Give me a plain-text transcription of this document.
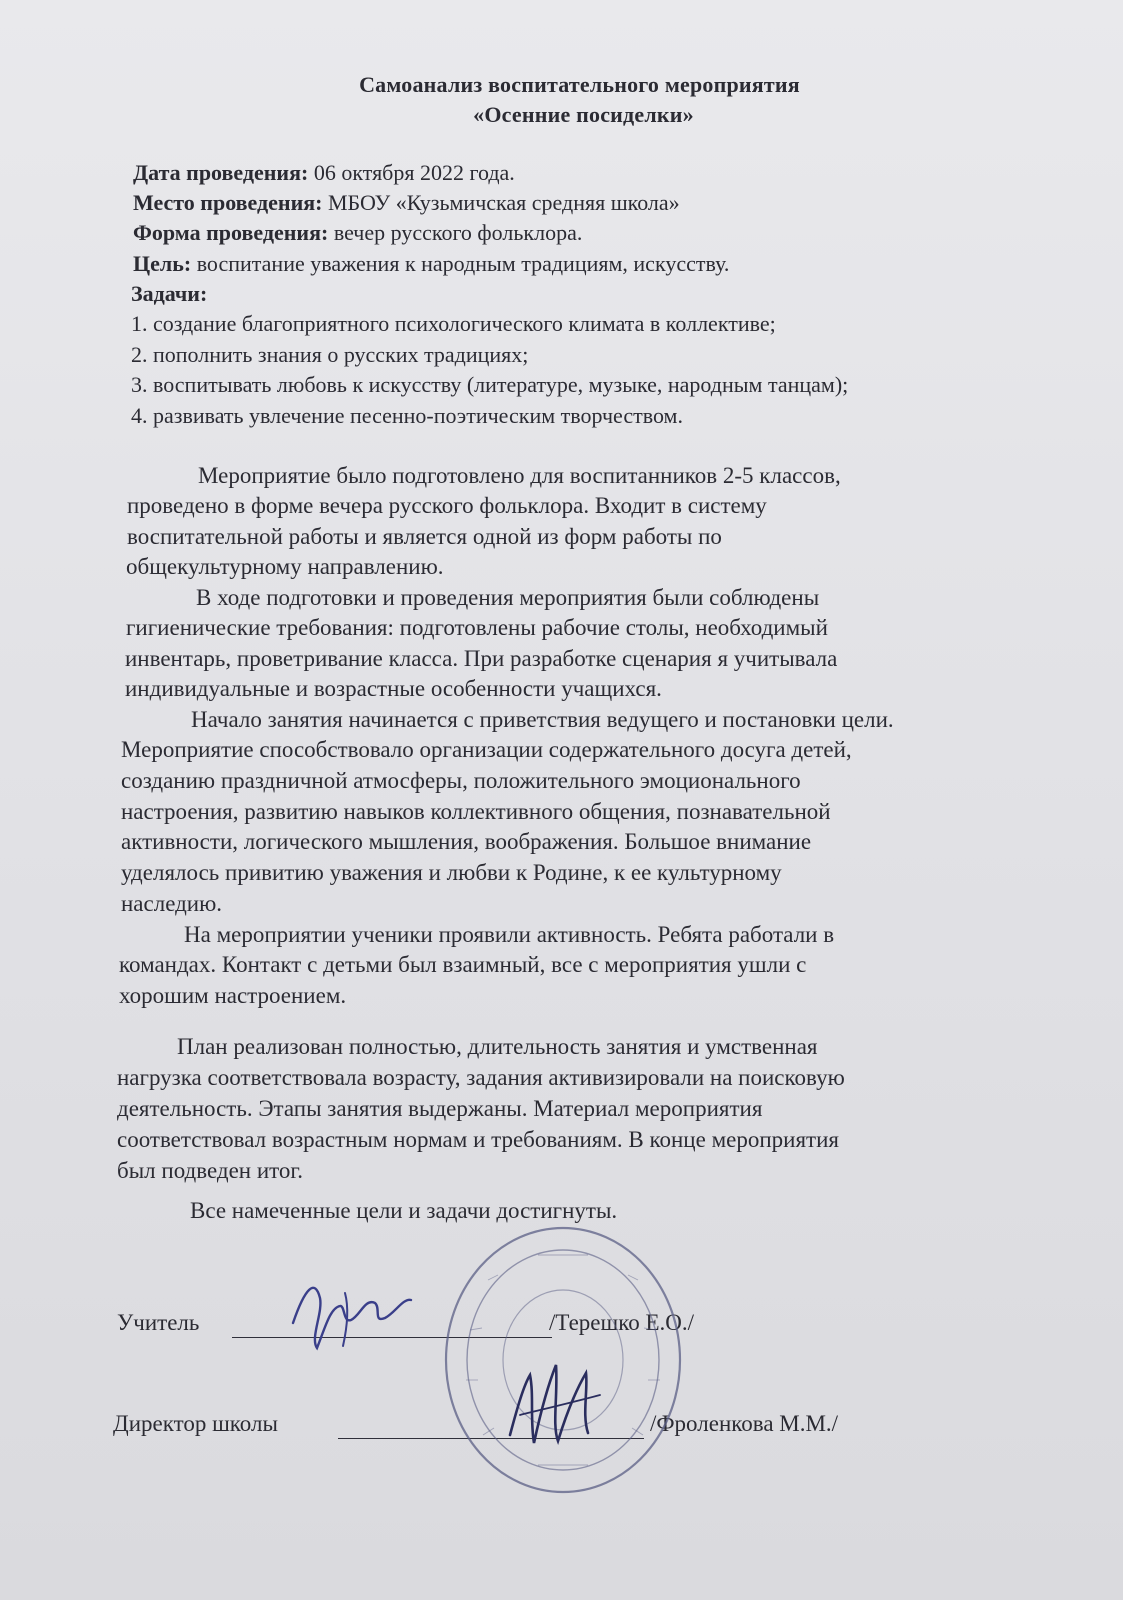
Самоанализ воспитательного мероприятия
«Осенние посиделки»
Дата проведения: 06 октября 2022 года.
Место проведения: МБОУ «Кузьмичская средняя школа»
Форма проведения: вечер русского фольклора.
Цель: воспитание уважения к народным традициям, искусству.
Задачи:
1. создание благоприятного психологического климата в коллективе;
2. пополнить знания о русских традициях;
3. воспитывать любовь к искусству (литературе, музыке, народным танцам);
4. развивать увлечение песенно-поэтическим творчеством.
Мероприятие было подготовлено для воспитанников 2-5 классов,
проведено в форме вечера русского фольклора. Входит в систему
воспитательной работы и является одной из форм работы по
общекультурному направлению.
В ходе подготовки и проведения мероприятия были соблюдены
гигиенические требования: подготовлены рабочие столы, необходимый
инвентарь, проветривание класса. При разработке сценария я учитывала
индивидуальные и возрастные особенности учащихся.
Начало занятия начинается с приветствия ведущего и постановки цели.
Мероприятие способствовало организации содержательного досуга детей,
созданию праздничной атмосферы, положительного эмоционального
настроения, развитию навыков коллективного общения, познавательной
активности, логического мышления, воображения. Большое внимание
уделялось привитию уважения и любви к Родине, к ее культурному
наследию.
На мероприятии ученики проявили активность. Ребята работали в
командах. Контакт с детьми был взаимный, все с мероприятия ушли с
хорошим настроением.
План реализован полностью, длительность занятия и умственная
нагрузка соответствовала возрасту, задания активизировали на поисковую
деятельность. Этапы занятия выдержаны. Материал мероприятия
соответствовал возрастным нормам и требованиям. В конце мероприятия
был подведен итог.
Все намеченные цели и задачи достигнуты.
Учитель	/Терешко Е.О./
Директор школы	/Фроленкова М.М./
